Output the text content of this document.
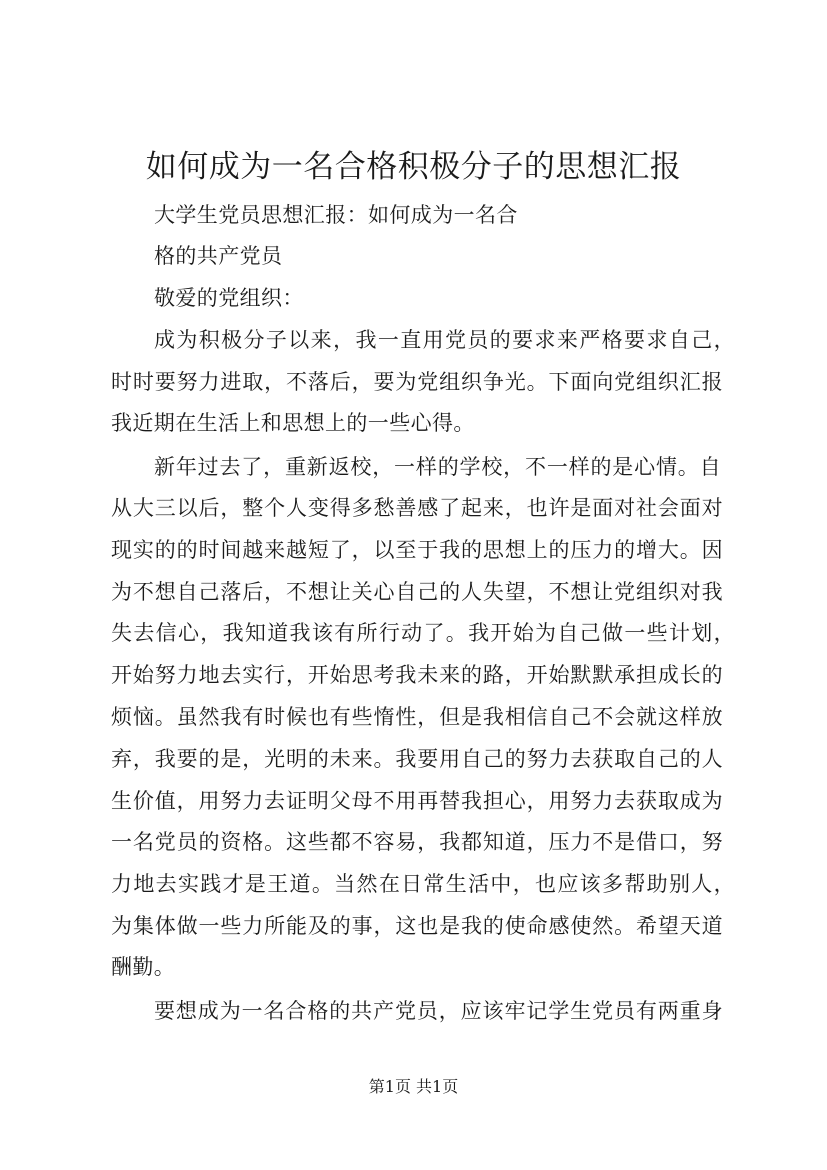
如何成为一名合格积极分子的思想汇报
大学生党员思想汇报：如何成为一名合
格的共产党员
敬爱的党组织：
成为积极分子以来，我一直用党员的要求来严格要求自己，
时时要努力进取，不落后，要为党组织争光。下面向党组织汇报
我近期在生活上和思想上的一些心得。
新年过去了，重新返校，一样的学校，不一样的是心情。自
从大三以后，整个人变得多愁善感了起来，也许是面对社会面对
现实的的时间越来越短了，以至于我的思想上的压力的增大。因
为不想自己落后，不想让关心自己的人失望，不想让党组织对我
失去信心，我知道我该有所行动了。我开始为自己做一些计划，
开始努力地去实行，开始思考我未来的路，开始默默承担成长的
烦恼。虽然我有时候也有些惰性，但是我相信自己不会就这样放
弃，我要的是，光明的未来。我要用自己的努力去获取自己的人
生价值，用努力去证明父母不用再替我担心，用努力去获取成为
一名党员的资格。这些都不容易，我都知道，压力不是借口，努
力地去实践才是王道。当然在日常生活中，也应该多帮助别人，
为集体做一些力所能及的事，这也是我的使命感使然。希望天道
酬勤。
要想成为一名合格的共产党员，应该牢记学生党员有两重身
第1页 共1页
